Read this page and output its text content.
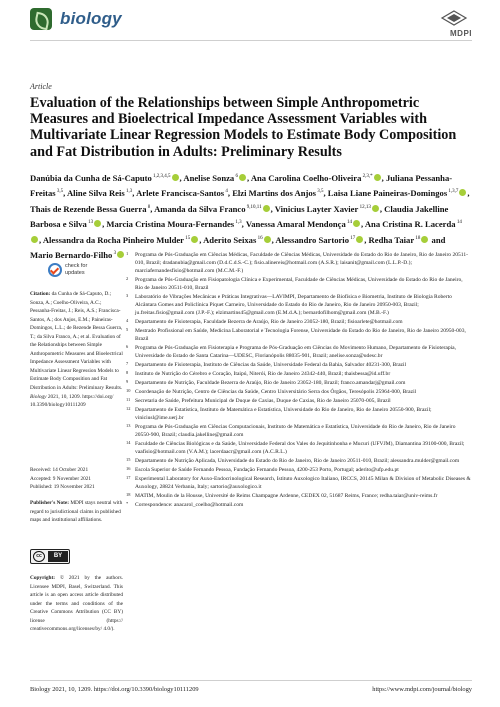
biology
MDPI
Article
Evaluation of the Relationships between Simple Anthropometric Measures and Bioelectrical Impedance Assessment Variables with Multivariate Linear Regression Models to Estimate Body Composition and Fat Distribution in Adults: Preliminary Results
Danúbia da Cunha de Sá-Caputo $^{1,2,3,4,5}$ , Anelise Sonza $^6$ , Ana Carolina Coelho-Oliveira $^{2,3,*}$ , Juliana Pessanha-Freitas $^{3,5}$, Aline Silva Reis $^{1,3}$, Arlete Francisca-Santos $^4$, Elzi Martins dos Anjos $^{3,5}$, Laisa Liane Paineiras-Domingos $^{1,3,7}$ , Thais de Rezende Bessa Guerra $^8$, Amanda da Silva Franco $^{9,10,11}$ , Vinicius Layter Xavier $^{12,13}$ , Claudia Jakelline Barbosa e Silva $^{13}$ , Marcia Cristina Moura-Fernandes $^{1,3}$, Vanessa Amaral Mendonça $^{14}$ , Ana Cristina R. Lacerda $^{14}$, Alessandra da Rocha Pinheiro Mulder $^{15}$ , Aderito Seixas $^{16}$ , Alessandro Sartorio $^{17}$ , Redha Taiar $^{18}$ and Mario Bernardo-Filho $^3$
check for updates
Citation: da Cunha de Sá-Caputo, D.; Sonza, A.; Coelho-Oliveira, A.C.; Pessanha-Freitas, J.; Reis, A.S.; Francisca-Santos, A.; dos Anjos, E.M.; Paineiras-Domingos, L.L.; de Rezende Bessa Guerra, T.; da Silva Franco, A.; et al. Evaluation of the Relationships between Simple Anthropometric Measures and Bioelectrical Impedance Assessment Variables with Multivariate Linear Regression Models to Estimate Body Composition and Fat Distribution in Adults: Preliminary Results. Biology 2021, 10, 1209. https://doi.org/ 10.3390/biology10111209
Received: 14 October 2021
Accepted: 9 November 2021
Published: 19 November 2021
Publisher's Note: MDPI stays neutral with regard to jurisdictional claims in published maps and institutional affiliations.
cc	BY
Copyright: © 2021 by the authors. Licensee MDPI, Basel, Switzerland. This article is an open access article distributed under the terms and conditions of the Creative Commons Attribution (CC BY) license (https:// creativecommons.org/licenses/by/ 4.0/).
1	Programa de Pós-Graduação em Ciências Médicas, Faculdade de Ciências Médicas, Universidade do Estado do Rio de Janeiro, Rio de Janeiro 20511-010, Brazil; dradanubia@gmail.com (D.d.C.d.S.-C.); fisio.alinereis@hotmail.com (A.S.R.); laisanit@gmail.com (L.L.P.-D.); marciafernandesfisio@hotmail.com (M.C.M.-F.)
2	Programa de Pós-Graduação em Fisiopatologia Clínica e Experimental, Faculdade de Ciências Médicas, Universidade do Estado do Rio de Janeiro, Rio de Janeiro 20511-010, Brazil
3	Laboratório de Vibrações Mecânicas e Práticas Integrativas—LAVIMPI, Departamento de Biofísica e Biometria, Instituto de Biologia Roberto Alcântara Gomes and Policlínica Piquet Carneiro, Universidade do Estado do Rio de Janeiro, Rio de Janeiro 20950-003, Brazil; ju.freitas.fisio@gmail.com (J.P.-F.); elzimartins45@gmail.com (E.M.d.A.); bernardofilhom@gmail.com (M.B.-F.)
4	Departamento de Fisioterapia, Faculdade Bezerra de Araújo, Rio de Janeiro 23052-180, Brazil; fisioarlete@hotmail.com
5	Mestrado Profissional em Saúde, Medicina Laboratorial e Tecnologia Forense, Universidade do Estado do Rio de Janeiro, Rio de Janeiro 20950-003, Brazil
6	Programa de Pós-Graduação em Fisioterapia e Programa de Pós-Graduação em Ciências do Movimento Humano, Departamento de Fisioterapia, Universidade do Estado de Santa Catarina—UDESC, Florianópolis 88035-901, Brazil; anelise.sonza@udesc.br
7	Departamento de Fisioterapia, Instituto de Ciências da Saúde, Universidade Federal da Bahia, Salvador 40231-300, Brazil
8	Instituto de Nutrição do Cérebro e Coração, Itaipú, Niterói, Rio de Janeiro 24342-440, Brazil; thaisbessa@id.uff.br
9	Departamento de Nutrição, Faculdade Bezerra de Araújo, Rio de Janeiro 23052-180, Brazil; franco.amandarj@gmail.com
10 Coordenação de Nutrição, Centro de Ciências da Saúde, Centro Universitário Serra dos Órgãos, Teresópolis 25964-000, Brazil
11 Secretaria de Saúde, Prefeitura Municipal de Duque de Caxias, Duque de Caxias, Rio de Janeiro 25070-005, Brazil
12 Departamento de Estatística, Instituto de Matemática e Estatística, Universidade do Rio de Janeiro, Rio de Janeiro 20550-900, Brazil; viniciusl@ime.uerj.br
13 Programa de Pós-Graduação em Ciências Computacionais, Instituto de Matemática e Estatística, Universidade do Rio de Janeiro, Rio de Janeiro 20550-900, Brazil; claudia.jakelline@gmail.com
14 Faculdade de Ciências Biológicas e da Saúde, Universidade Federal dos Vales do Jequitinhonha e Mucuri (UFVJM), Diamantina 39100-000, Brazil; vaafisio@hotmail.com (V.A.M.); lacerdaacr@gmail.com (A.C.R.L.)
15 Departamento de Nutrição Aplicada, Universidade do Estado do Rio de Janeiro, Rio de Janeiro 20511-010, Brazil; alessandra.mulder@gmail.com
16 Escola Superior de Saúde Fernando Pessoa, Fundação Fernando Pessoa, 4200-253 Porto, Portugal; aderito@ufp.edu.pt
17 Experimental Laboratory for Auxo-Endocrinological Research, Istituto Auxologico Italiano, IRCCS, 20145 Milan & Division of Metabolic Diseases & Auxology, 28824 Verbania, Italy; sartorio@auxologico.it
18 MATIM, Moulin de la Housse, Université de Reims Champagne Ardenne, CEDEX 02, 51687 Reims, France; redha.taiar@univ-reims.fr
*	Correspondence: anacarol_coelho@hotmail.com
Biology 2021, 10, 1209. https://doi.org/10.3390/biology10111209	https://www.mdpi.com/journal/biology
